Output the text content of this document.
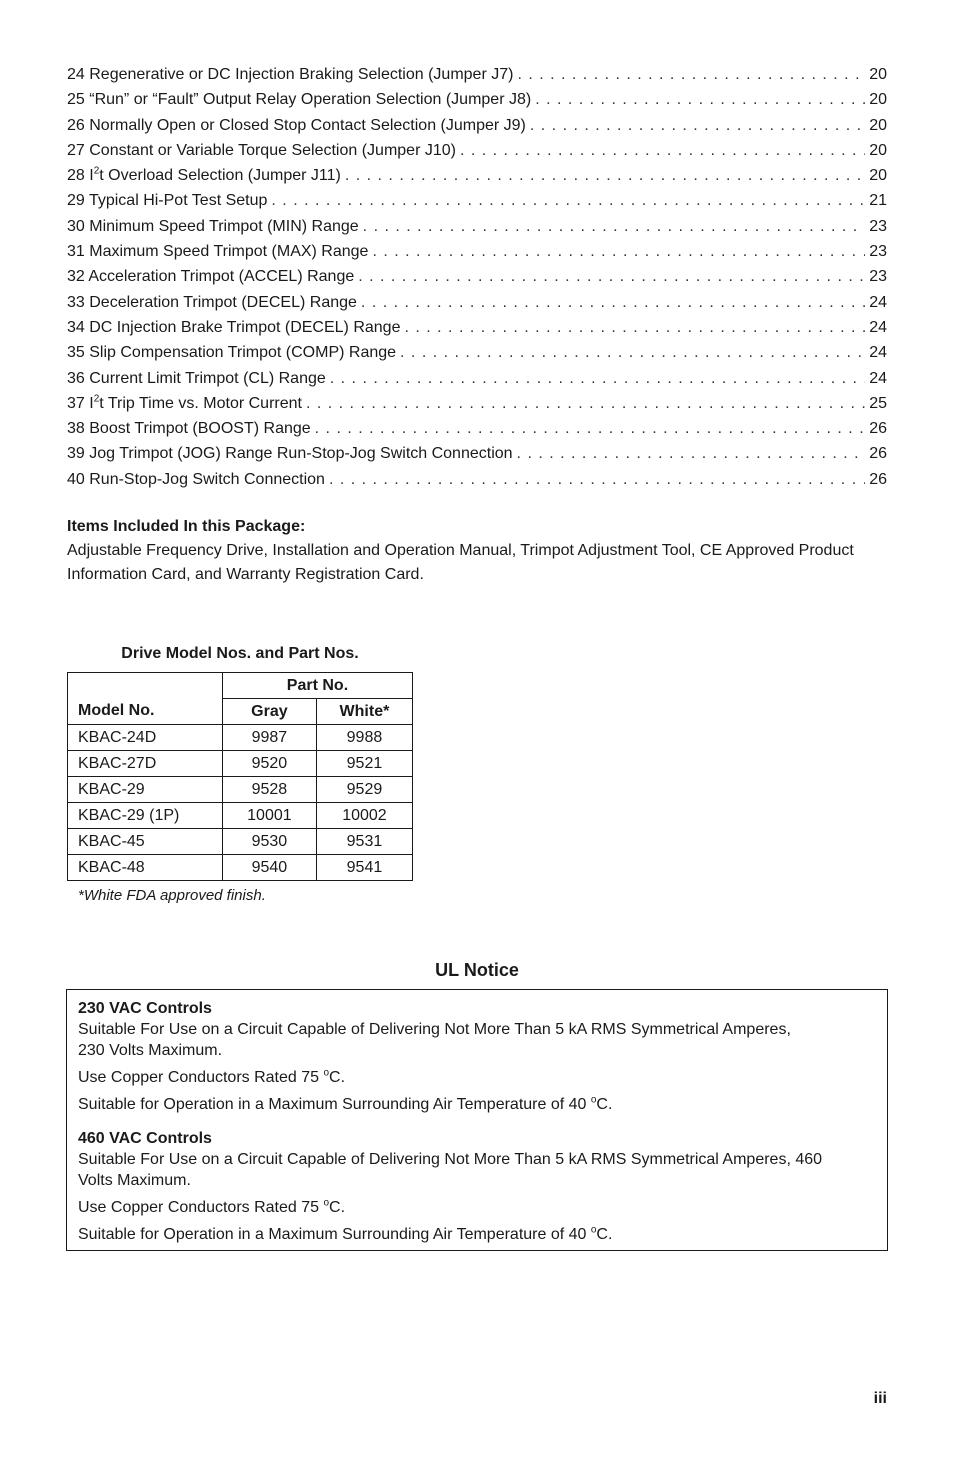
24 Regenerative or DC Injection Braking Selection (Jumper J7) . . .	20
25 “Run” or “Fault” Output Relay Operation Selection (Jumper J8) . . .	20
26 Normally Open or Closed Stop Contact Selection (Jumper J9) . . .	20
27 Constant or Variable Torque Selection (Jumper J10) . . .	20
28 $I^2t$ Overload Selection (Jumper J11) . . .	20
29 Typical Hi-Pot Test Setup . . .	21
30 Minimum Speed Trimpot (MIN) Range . . .	23
31 Maximum Speed Trimpot (MAX) Range . . .	23
32 Acceleration Trimpot (ACCEL) Range . . .	23
33 Deceleration Trimpot (DECEL) Range . . .	24
34 DC Injection Brake Trimpot (DECEL) Range . . .	24
35 Slip Compensation Trimpot (COMP) Range . . .	24
36 Current Limit Trimpot (CL) Range . . .	24
37 $I^2t$ Trip Time vs. Motor Current . . .	25
38 Boost Trimpot (BOOST) Range . . .	26
39 Jog Trimpot (JOG) Range Run-Stop-Jog Switch Connection . . .	26
40 Run-Stop-Jog Switch Connection . . .	26
Items Included In this Package:
Adjustable Frequency Drive, Installation and Operation Manual, Trimpot Adjustment Tool, CE Approved Product Information Card, and Warranty Registration Card.
Drive Model Nos. and Part Nos.
Model No.	Part No.	
	Gray	White*
KBAC-24D	9987	9988
KBAC-27D	9520	9521
KBAC-29	9528	9529
KBAC-29 (1P)	10001	10002
KBAC-45	9530	9531
KBAC-48	9540	9541
*White FDA approved finish.
UL Notice

230 VAC Controls

Suitable For Use on a Circuit Capable of Delivering Not More Than 5 kA RMS Symmetrical Amperes,
230 Volts Maximum.

Use Copper Conductors Rated 75 $^o$C.

Suitable for Operation in a Maximum Surrounding Air Temperature of 40 $^o$C.

460 VAC Controls

Suitable For Use on a Circuit Capable of Delivering Not More Than 5 kA RMS Symmetrical Amperes, 460
Volts Maximum.

Use Copper Conductors Rated 75 $^o$C.

Suitable for Operation in a Maximum Surrounding Air Temperature of 40 $^o$C.

iii
